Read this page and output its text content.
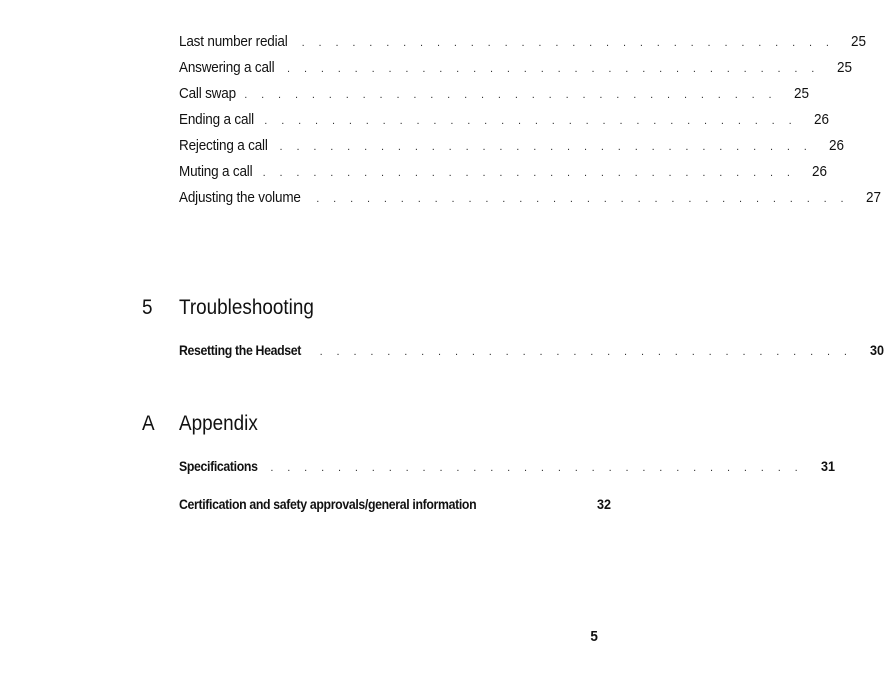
Last number redial . . . . . . . . . . . . . . . . . . . . . . . . . . . . . . . . 25
Answering a call . . . . . . . . . . . . . . . . . . . . . . . . . . . . . . . . 25
Call swap . . . . . . . . . . . . . . . . . . . . . . . . . . . . . . . . 25
Ending a call . . . . . . . . . . . . . . . . . . . . . . . . . . . . . . . . 26
Rejecting a call . . . . . . . . . . . . . . . . . . . . . . . . . . . . . . . . 26
Muting a call . . . . . . . . . . . . . . . . . . . . . . . . . . . . . . . . 26
Adjusting the volume . . . . . . . . . . . . . . . . . . . . . . . . . . . . . . . . 27
5 Troubleshooting
Resetting the Headset . . . . . . . . . . . . . . . . . . . . . . . . . . . . . . . . 30
A Appendix
Specifications . . . . . . . . . . . . . . . . . . . . . . . . . . . . . . . . 31
Certification and safety approvals/general information	32
5
